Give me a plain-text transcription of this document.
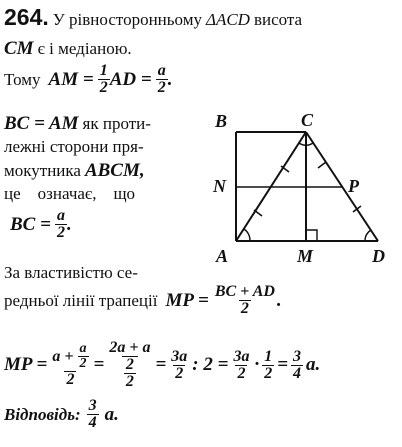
264. У рівносторонньому ΔACD висота
CM є і медіаною.
Тому
AM =
$\frac{1}{2}$ AD =
$\frac{a}{2}$ .
BC = AM як проти-
лежні сторони пря-
мокутника ABCM,
це    означає,    що
BC =
$\frac{a}{2}$ .
B	C
N	P
A	M	D
За властивістю се-
редньої лінії трапеції
MP =
$\frac{BC + AD}{2}$ .
MP = a +
$\frac{a}{2}$
2 = 2a + a
2
$2 = \frac{3a}{2}$ : $2 = \frac{3a}{2} \cdot \frac{1}{2} = \frac{3}{4} a$.
Відповідь: $\frac{3}{4} a$.
